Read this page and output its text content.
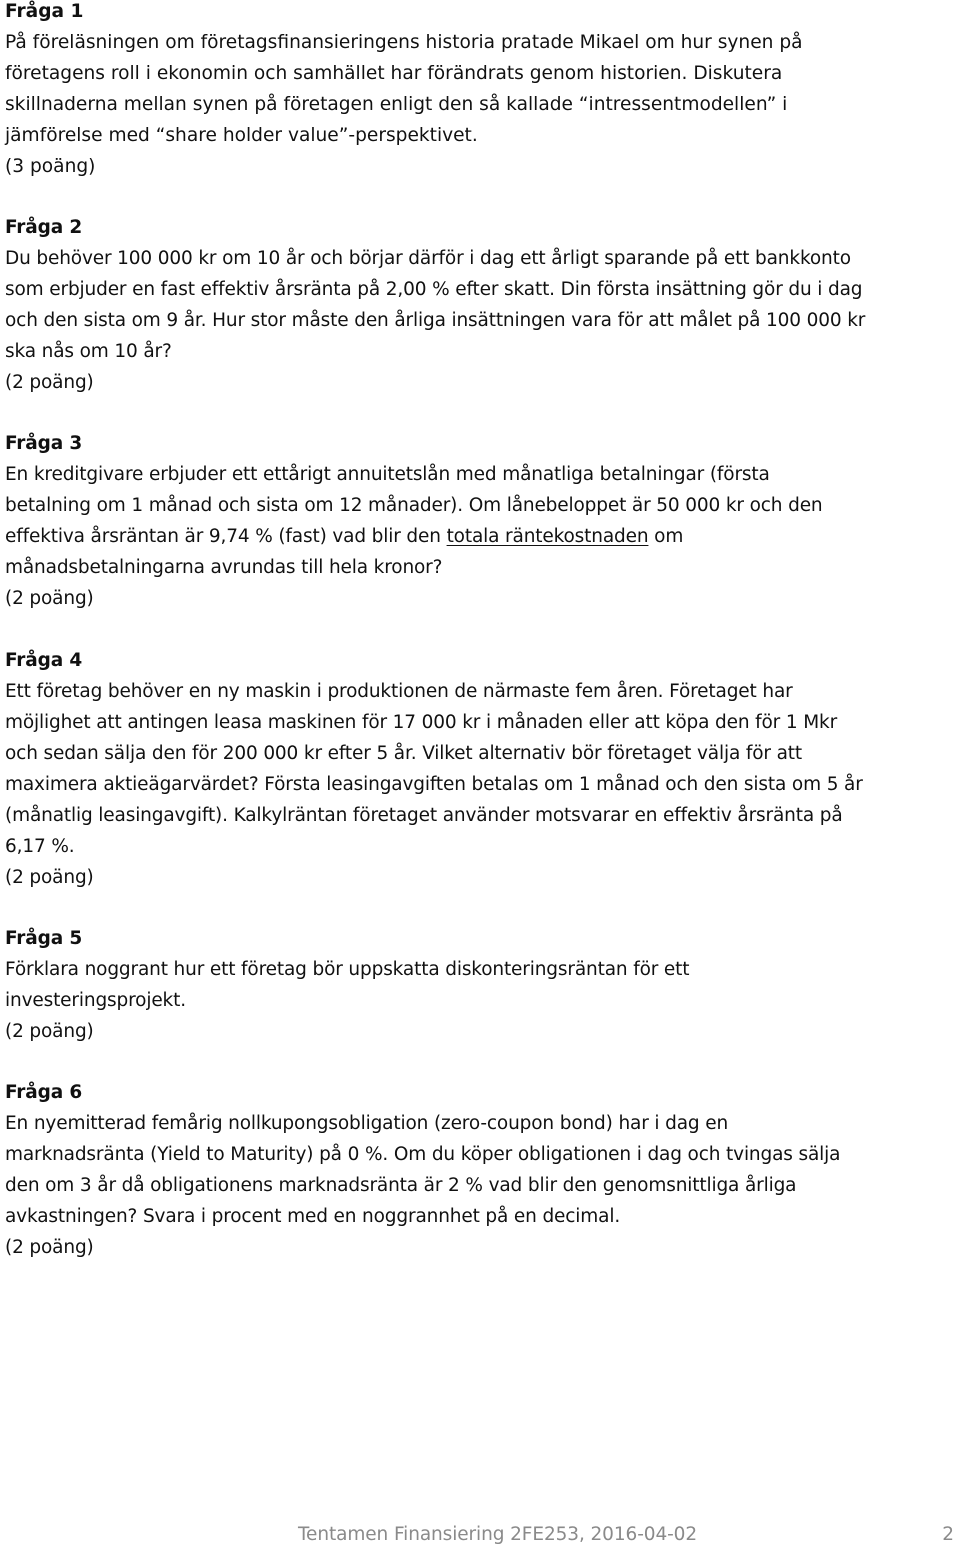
Fråga 1
På föreläsningen om företagsfinansieringens historia pratade Mikael om hur synen på
företagens roll i ekonomin och samhället har förändrats genom historien. Diskutera
skillnaderna mellan synen på företagen enligt den så kallade “intressentmodellen” i
jämförelse med “share holder value”-perspektivet.
(3 poäng)
Fråga 2
Du behöver 100 000 kr om 10 år och börjar därför i dag ett årligt sparande på ett bankkonto
som erbjuder en fast effektiv årsränta på 2,00 % efter skatt. Din första insättning gör du i dag
och den sista om 9 år. Hur stor måste den årliga insättningen vara för att målet på 100 000 kr
ska nås om 10 år?
(2 poäng)
Fråga 3
En kreditgivare erbjuder ett ettårigt annuitetslån med månatliga betalningar (första
betalning om 1 månad och sista om 12 månader). Om lånebeloppet är 50 000 kr och den
effektiva årsräntan är 9,74 % (fast) vad blir den totala räntekostnaden om
månadsbetalningarna avrundas till hela kronor?
(2 poäng)
Fråga 4
Ett företag behöver en ny maskin i produktionen de närmaste fem åren. Företaget har
möjlighet att antingen leasa maskinen för 17 000 kr i månaden eller att köpa den för 1 Mkr
och sedan sälja den för 200 000 kr efter 5 år. Vilket alternativ bör företaget välja för att
maximera aktieägarvärdet? Första leasingavgiften betalas om 1 månad och den sista om 5 år
(månatlig leasingavgift). Kalkylräntan företaget använder motsvarar en effektiv årsränta på
6,17 %.
(2 poäng)
Fråga 5
Förklara noggrant hur ett företag bör uppskatta diskonteringsräntan för ett
investeringsprojekt.
(2 poäng)
Fråga 6
En nyemitterad femårig nollkupongsobligation (zero-coupon bond) har i dag en
marknadsränta (Yield to Maturity) på 0 %. Om du köper obligationen i dag och tvingas sälja
den om 3 år då obligationens marknadsränta är 2 % vad blir den genomsnittliga årliga
avkastningen? Svara i procent med en noggrannhet på en decimal.
(2 poäng)
Tentamen Finansiering 2FE253, 2016-04-02	2
